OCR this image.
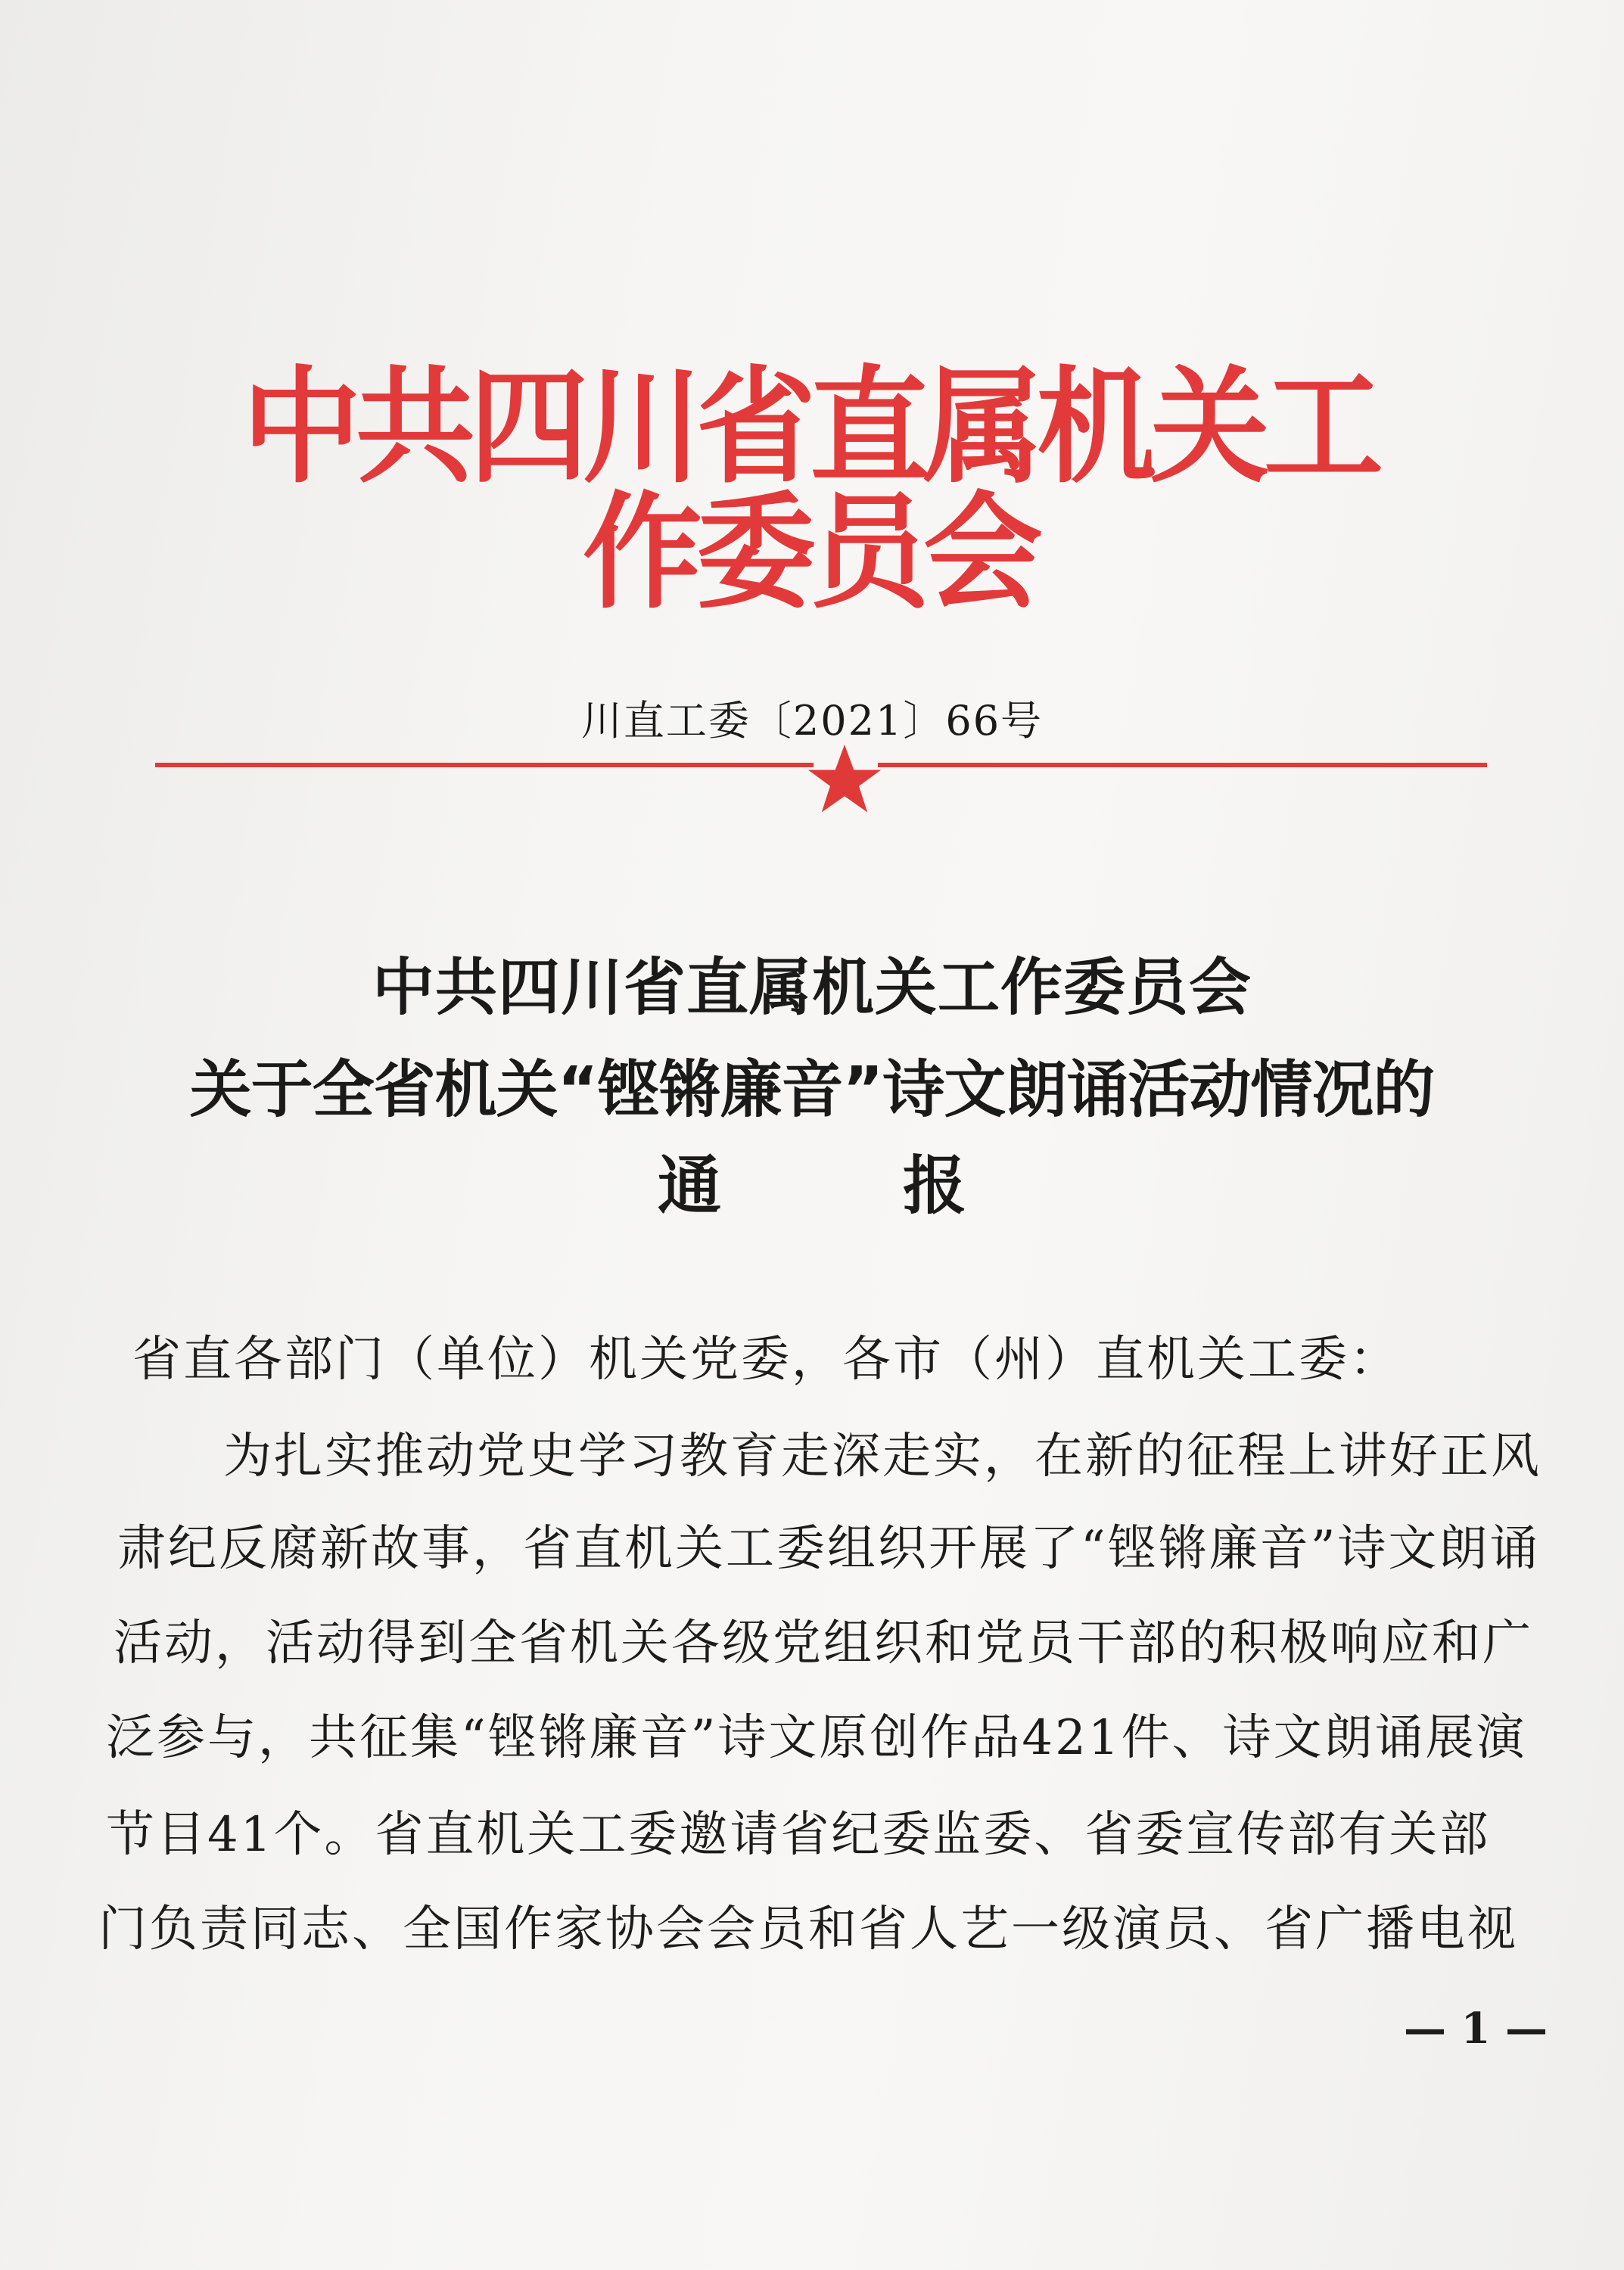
中共四川省直属机关工作委员会
川直工委〔2021〕66号
中共四川省直属机关工作委员会
关于全省机关“铿锵廉音”诗文朗诵活动情况的
通	报
省直各部门（单位）机关党委，各市（州）直机关工委：
为扎实推动党史学习教育走深走实，在新的征程上讲好正风
肃纪反腐新故事，省直机关工委组织开展了“铿锵廉音”诗文朗诵
活动，活动得到全省机关各级党组织和党员干部的积极响应和广
泛参与，共征集“铿锵廉音”诗文原创作品421件、诗文朗诵展演
节目41个。省直机关工委邀请省纪委监委、省委宣传部有关部
门负责同志、全国作家协会会员和省人艺一级演员、省广播电视
— 1 —
